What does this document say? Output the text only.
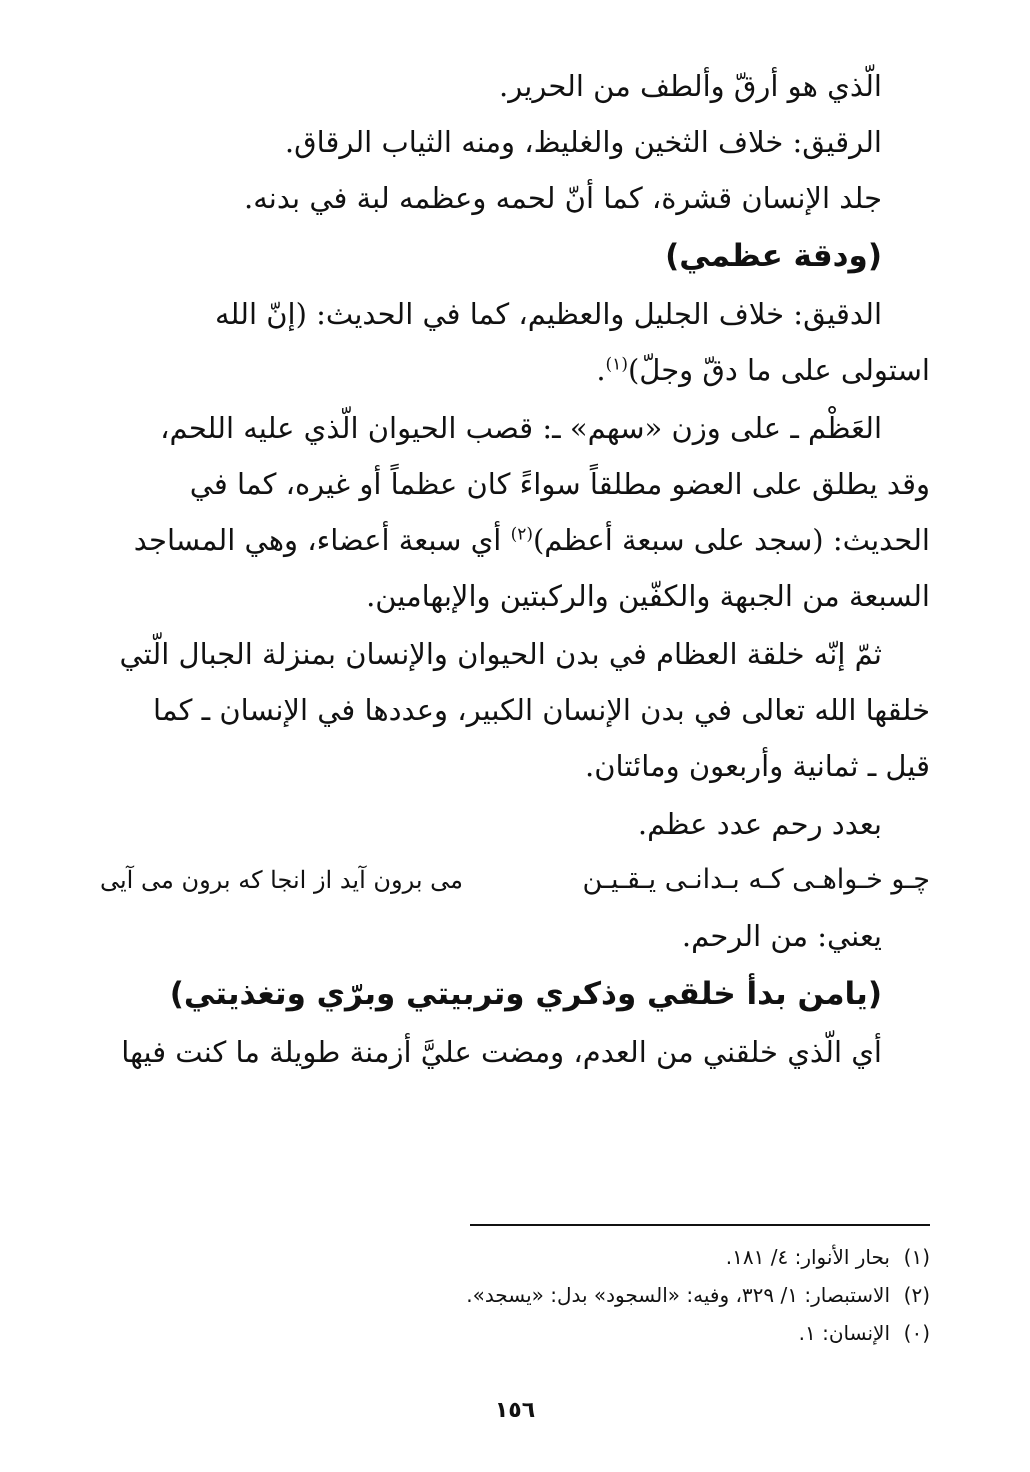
الّذي هو أرقّ وألطف من الحرير.

الرقيق: خلاف الثخين والغليظ، ومنه الثياب الرقاق.

جلد الإنسان قشرة، كما أنّ لحمه وعظمه لبة في بدنه.

(ودقة عظمي)

الدقيق: خلاف الجليل والعظيم، كما في الحديث: (إنّ الله

استولى على ما دقّ وجلّ)$^{(١)}$.

العَظْم ـ على وزن «سهم» ـ: قصب الحيوان الّذي عليه اللحم،

وقد يطلق على العضو مطلقاً سواءً كان عظماً أو غيره، كما في

الحديث: (سجد على سبعة أعظم)$^{(٢)}$ أي سبعة أعضاء، وهي المساجد

السبعة من الجبهة والكفّين والركبتين والإبهامين.

ثمّ إنّه خلقة العظام في بدن الحيوان والإنسان بمنزلة الجبال الّتي

خلقها الله تعالى في بدن الإنسان الكبير، وعددها في الإنسان ـ كما

قيل ـ ثمانية وأربعون ومائتان.

بعدد رحم عدد عظم.

چـو خـواهـى كـه بـدانـى يـقـيـن
مى برون آيد از انجا كه برون مى آيى

يعني: من الرحم.

(يامن بدأ خلقي وذكري وتربيتي وبرّي وتغذيتي)

أي الّذي خلقني من العدم، ومضت عليَّ أزمنة طويلة ما كنت فيها

(١)بحار الأنوار: ٤/ ١٨١.

(٢)الاستبصار: ١/ ٣٢٩، وفيه: «السجود» بدل: «يسجد».

(٠)الإنسان: ١.

١٥٦
